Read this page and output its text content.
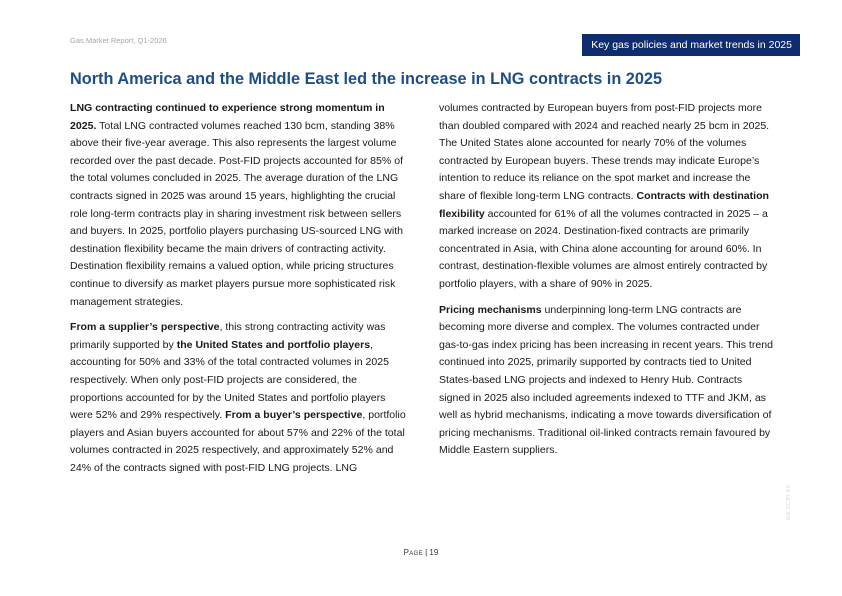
Gas Market Report, Q1-2026	Key gas policies and market trends in 2025
North America and the Middle East led the increase in LNG contracts in 2025

LNG contracting continued to experience strong momentum in 2025. Total LNG contracted volumes reached 130 bcm, standing 38% above their five-year average. This also represents the largest volume recorded over the past decade. Post-FID projects accounted for 85% of the total volumes concluded in 2025. The average duration of the LNG contracts signed in 2025 was around 15 years, highlighting the crucial role long-term contracts play in sharing investment risk between sellers and buyers. In 2025, portfolio players purchasing US-sourced LNG with destination flexibility became the main drivers of contracting activity. Destination flexibility remains a valued option, while pricing structures continue to diversify as market players pursue more sophisticated risk management strategies.

From a supplier’s perspective, this strong contracting activity was primarily supported by the United States and portfolio players, accounting for 50% and 33% of the total contracted volumes in 2025 respectively. When only post-FID projects are considered, the proportions accounted for by the United States and portfolio players were 52% and 29% respectively. From a buyer’s perspective, portfolio players and Asian buyers accounted for about 57% and 22% of the total volumes contracted in 2025 respectively, and approximately 52% and 24% of the contracts signed with post-FID LNG projects. LNG

volumes contracted by European buyers from post-FID projects more than doubled compared with 2024 and reached nearly 25 bcm in 2025. The United States alone accounted for nearly 70% of the volumes contracted by European buyers. These trends may indicate Europe’s intention to reduce its reliance on the spot market and increase the share of flexible long-term LNG contracts. Contracts with destination flexibility accounted for 61% of all the volumes contracted in 2025 – a marked increase on 2024. Destination-fixed contracts are primarily concentrated in Asia, with China alone accounting for around 60%. In contrast, destination-flexible volumes are almost entirely contracted by portfolio players, with a share of 90% in 2025.

Pricing mechanisms underpinning long-term LNG contracts are becoming more diverse and complex. The volumes contracted under gas-to-gas index pricing has been increasing in recent years. This trend continued into 2025, primarily supported by contracts tied to United States-based LNG projects and indexed to Henry Hub. Contracts signed in 2025 also included agreements indexed to TTF and JKM, as well as hybrid mechanisms, indicating a move towards diversification of pricing mechanisms. Traditional oil-linked contracts remain favoured by Middle Eastern suppliers.

Page | 19
IEA. CC BY 4.0.
